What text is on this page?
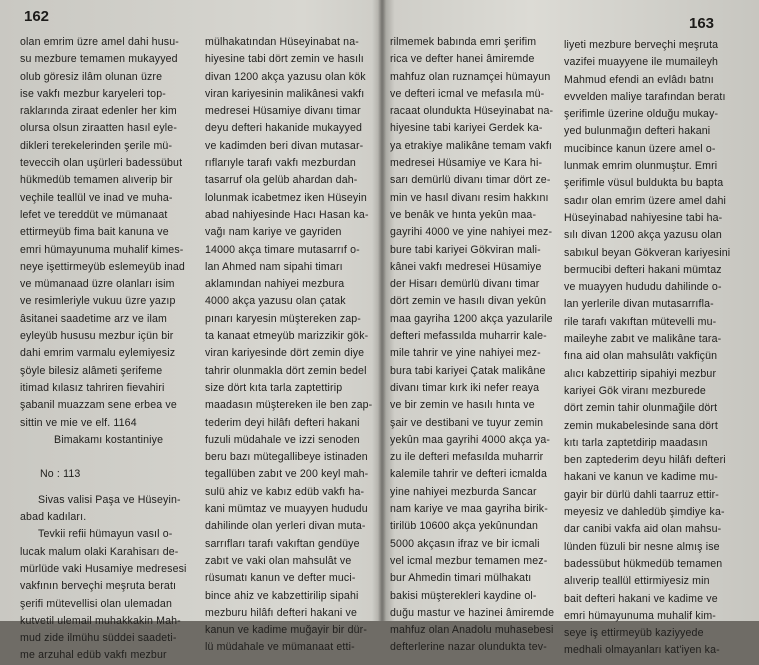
162
olan emrim üzre amel dahi husu-
su mezbure temamen mukayyed
olub göresiz ilâm olunan üzre
ise vakfı mezbur karyeleri top-
raklarında ziraat edenler her kim
olursa olsun ziraatten hasıl eyle-
dikleri terekelerinden şerile mü-
teveccih olan uşürleri badessübut
hükmedüb temamen alıverip bir
veçhile teallül ve inad ve muha-
lefet ve tereddüt ve mümanaat
ettirmeyüb fima bait kanuna ve
emri hümayunuma muhalif kimes-
neye işettirmeyüb eslemeyüb inad
ve mümanaad üzre olanları isim
ve resimleriyle vukuu üzre yazıp
âsitanei saadetime arz ve ilam
eyleyüb hususu mezbur içün bir
dahi emrim varmalu eylemiyesiz
şöyle bilesiz alâmeti şerifeme
itimad kılasız tahriren fievahiri
şabanil muazzam sene erbea ve
sittin ve mie ve elf. 1164
Bimakamı kostantiniye
No : 113
Sivas valisi Paşa ve Hüseyin-
abad kadıları.
Tevkii refii hümayun vasıl o-
lucak malum olaki Karahisarı de-
mürlüde vaki Husamiye medresesi
vakfının berveçhi meşruta beratı
şerifi mütevellisi olan ulemadan
kutvetil ulemail muhakkakin Mah-
mud zide ilmühu süddei saadeti-
me arzuhal edüb vakfı mezbur
mülhakatından Hüseyinabat na-
hiyesine tabi dört zemin ve hasılı
divan 1200 akça yazusu olan kök
viran kariyesinin malikânesi vakfı
medresei Hüsamiye divanı timar
deyu defteri hakanide mukayyed
ve kadimden beri divan mutasar-
rıflarıyle tarafı vakfı mezburdan
tasarruf ola gelüb ahardan dah-
lolunmak icabetmez iken Hüseyin
abad nahiyesinde Hacı Hasan ka-
vağı nam kariye ve gayriden
14000 akça timare mutasarrıf o-
lan Ahmed nam sipahi timarı
aklamından nahiyei mezbura
4000 akça yazusu olan çatak
pınarı karyesin müştereken zap-
ta kanaat etmeyüb marizzikir gök-
viran kariyesinde dört zemin diye
tahrir olunmakla dört zemin bedel
size dört kıta tarla zaptettirip
maadasın müştereken ile ben zap-
tederim deyi hilâfı defteri hakani
fuzuli müdahale ve izzi senoden
beru bazı mütegallibeye istinaden
tegallüben zabıt ve 200 keyl mah-
sulü ahiz ve kabız edüb vakfı ha-
kani mümtaz ve muayyen hududu
dahilinde olan yerleri divan muta-
sarrıfları tarafı vakıftan gendüye
zabıt ve vaki olan mahsulât ve
rüsumatı kanun ve defter muci-
bince ahiz ve kabzettirilip sipahi
mezburu hilâfı defteri hakani ve
kanun ve kadime muğayir bir dür-
lü müdahale ve mümanaat etti-
163
rilmemek babında emri şerifim
rica ve defter hanei âmiremde
mahfuz olan ruznamçei hümayun
ve defteri icmal ve mefasıla mü-
racaat olundukta Hüseyinabat na-
hiyesine tabi kariyei Gerdek ka-
ya etrakiye malikâne temam vakfı
medresei Hüsamiye ve Kara hi-
sarı demürlü divanı timar dört ze-
min ve hasıl divanı resim hakkını
ve benâk ve hınta yekûn maa-
gayrihi 4000 ve yine nahiyei mez-
bure tabi kariyei Gökviran mali-
kânei vakfı medresei Hüsamiye
der Hisarı demürlü divanı timar
dört zemin ve hasılı divan yekûn
maa gayriha 1200 akça yazularile
defteri mefassılda muharrir kale-
mile tahrir ve yine nahiyei mez-
bura tabi kariyei Çatak malikâne
divanı timar kırk iki nefer reaya
ve bir zemin ve hasılı hınta ve
şair ve destibani ve tuyur zemin
yekûn maa gayrihi 4000 akça ya-
zu ile defteri mefasılda muharrir
kalemile tahrir ve defteri icmalda
yine nahiyei mezburda Sancar
nam kariye ve maa gayriha birik-
tirilüb 10600 akça yekûnundan
5000 akçasın ifraz ve bir icmali
vel icmal mezbur temamen mez-
bur Ahmedin timari mülhakatı
bakisi müşterekleri kaydine ol-
duğu mastur ve hazinei âmiremde
mahfuz olan Anadolu muhasebesi
defterlerine nazar olundukta tev-
liyeti mezbure berveçhi meşruta
vazifei muayyene ile mumaileyh
Mahmud efendi an evlâdı batnı
evvelden maliye tarafından beratı
şerifimle üzerine olduğu mukay-
yed bulunmağın defteri hakani
mucibince kanun üzere amel o-
lunmak emrim olunmuştur. Emri
şerifimle vüsul buldukta bu bapta
sadır olan emrim üzere amel dahi
Hüseyinabad nahiyesine tabi ha-
sılı divan 1200 akça yazusu olan
sabıkul beyan Gökveran kariyesini
bermucibi defteri hakani mümtaz
ve muayyen hududu dahilinde o-
lan yerlerile divan mutasarrıfla-
rile tarafı vakıftan mütevelli mu-
maileyhe zabıt ve malikâne tara-
fına aid olan mahsulâtı vakfiçün
alıcı kabzettirip sipahiyi mezbur
kariyei Gök viranı mezburede
dört zemin tahir olunmağile dört
zemin mukabelesinde sana dört
kıtı tarla zaptetdirip maadasın
ben zaptederim deyu hilâfı defteri
hakani ve kanun ve kadime mu-
gayir bir dürlü dahli taarruz ettir-
meyesiz ve dahledüb şimdiye ka-
dar canibi vakfa aid olan mahsu-
lünden füzuli bir nesne almış ise
badessübut hükmedüb temamen
alıverip teallül ettirmiyesiz min
bait defteri hakani ve kadime ve
emri hümayunuma muhalif kim-
seye iş ettirmeyüb kaziyyede
medhali olmayanları kat'iyen ka-
